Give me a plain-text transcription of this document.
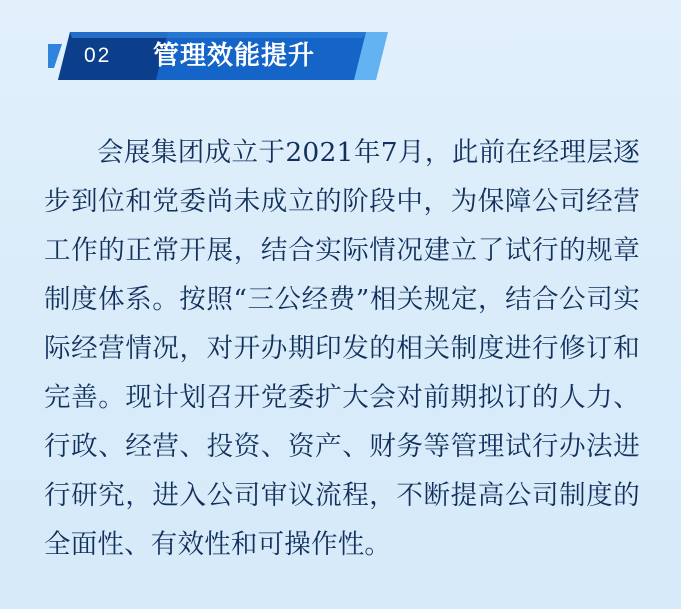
02 管理效能提升

会展集团成立于2021年7月，此前在经理层逐步到位和党委尚未成立的阶段中，为保障公司经营工作的正常开展，结合实际情况建立了试行的规章制度体系。按照“三公经费”相关规定，结合公司实际经营情况，对开办期印发的相关制度进行修订和完善。现计划召开党委扩大会对前期拟订的人力、行政、经营、投资、资产、财务等管理试行办法进行研究，进入公司审议流程，不断提高公司制度的全面性、有效性和可操作性。
